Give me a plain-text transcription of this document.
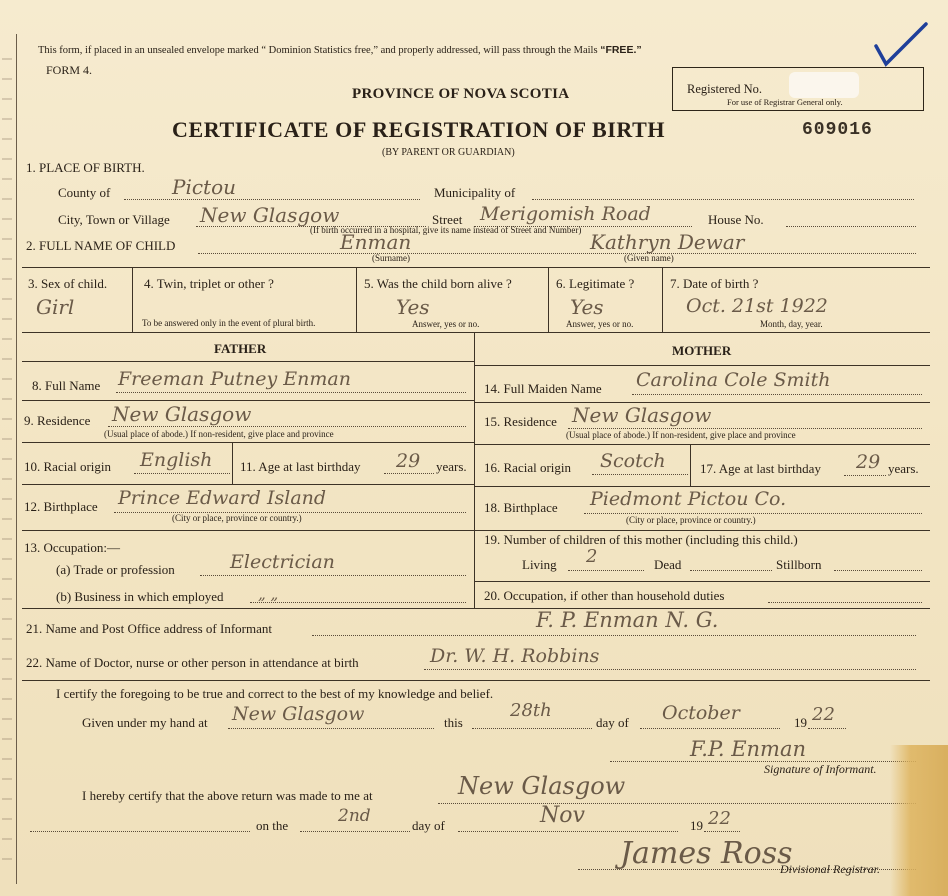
This form, if placed in an unsealed envelope marked “ Dominion Statistics free,” and properly addressed, will pass through the Mails “FREE.”
FORM 4.
PROVINCE OF NOVA SCOTIA	Registered No.
For use of Registrar General only.
CERTIFICATE OF REGISTRATION OF BIRTH	609016
(BY PARENT OR GUARDIAN)
1. PLACE OF BIRTH.
County of	Pictou	Municipality of
City, Town or Village New Glasgow	Street Merigomish Road	House No.
(If birth occurred in a hospital, give its name instead of Street and Number)
2. FULL NAME OF CHILD	Enman	Kathryn Dewar
(Surname)	(Given name)
3. Sex of child.
Girl
4. Twin, triplet or other ?
To be answered only in the event of plural birth.
5. Was the child born alive ?
Yes
Answer, yes or no.
6. Legitimate ?
Yes
Answer, yes or no.
7. Date of birth ?
Oct. 21st 1922
Month, day, year.
FATHER	MOTHER
8. Full Name Freeman Putney Enman
9. Residence New Glasgow
(Usual place of abode.) If non-resident, give place and province
10. Racial origin English 11. Age at last birthday 29 years.
12. Birthplace Prince Edward Island
(City or place, province or country.)
13. Occupation:—
(a) Trade or profession	Electrician
(b) Business in which employed „ „
14. Full Maiden Name Carolina Cole Smith
15. Residence New Glasgow
(Usual place of abode.) If non-resident, give place and province
16. Racial origin Scotch	17. Age at last birthday 29 years.
18. Birthplace Piedmont Pictou Co.
(City or place, province or country.)
19. Number of children of this mother (including this child.)
Living 2	Dead	Stillborn
20. Occupation, if other than household duties
21. Name and Post Office address of Informant	F. P. Enman N. G.
22. Name of Doctor, nurse or other person in attendance at birth	Dr. W. H. Robbins
I certify the foregoing to be true and correct to the best of my knowledge and belief.
Given under my hand at New Glasgow	this
28th
day of October	19 22
F.P. Enman
Signature of Informant.
I hereby certify that the above return was made to me at	New Glasgow
on the	2nd	day of	Nov	19 22
James Ross
Divisional Registrar.
